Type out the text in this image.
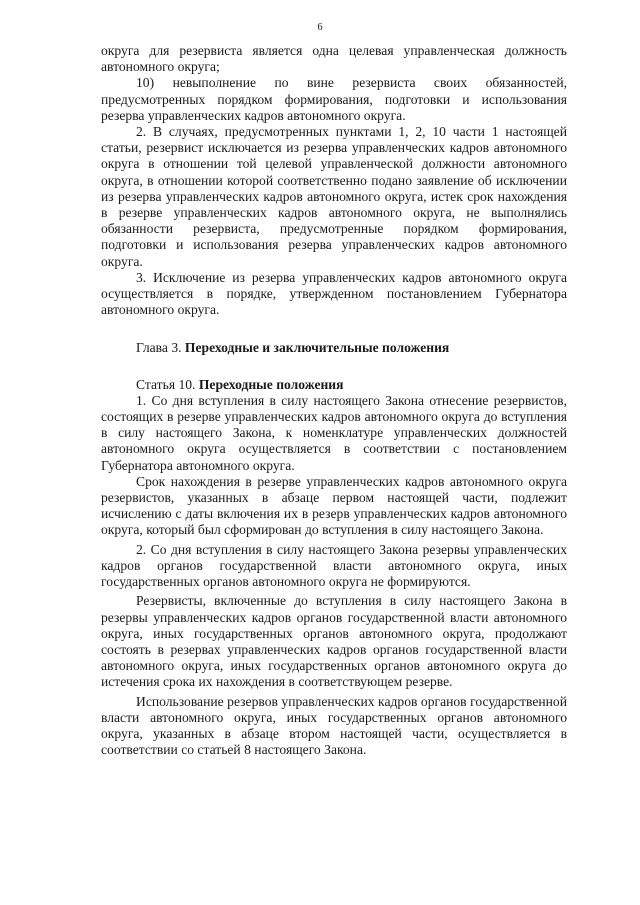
6

округа для резервиста является одна целевая управленческая должность автономного округа;

10) невыполнение по вине резервиста своих обязанностей, предусмотренных порядком формирования, подготовки и использования резерва управленческих кадров автономного округа.

2. В случаях, предусмотренных пунктами 1, 2, 10 части 1 настоящей статьи, резервист исключается из резерва управленческих кадров автономного округа в отношении той целевой управленческой должности автономного округа, в отношении которой соответственно подано заявление об исключении из резерва управленческих кадров автономного округа, истек срок нахождения в резерве управленческих кадров автономного округа, не выполнялись обязанности резервиста, предусмотренные порядком формирования, подготовки и использования резерва управленческих кадров автономного округа.

3. Исключение из резерва управленческих кадров автономного округа осуществляется в порядке, утвержденном постановлением Губернатора автономного округа.

Глава 3. Переходные и заключительные положения

Статья 10. Переходные положения

1. Со дня вступления в силу настоящего Закона отнесение резервистов, состоящих в резерве управленческих кадров автономного округа до вступления в силу настоящего Закона, к номенклатуре управленческих должностей автономного округа осуществляется в соответствии с постановлением Губернатора автономного округа.

Срок нахождения в резерве управленческих кадров автономного округа резервистов, указанных в абзаце первом настоящей части, подлежит исчислению с даты включения их в резерв управленческих кадров автономного округа, который был сформирован до вступления в силу настоящего Закона.

2. Со дня вступления в силу настоящего Закона резервы управленческих кадров органов государственной власти автономного округа, иных государственных органов автономного округа не формируются.

Резервисты, включенные до вступления в силу настоящего Закона в резервы управленческих кадров органов государственной власти автономного округа, иных государственных органов автономного округа, продолжают состоять в резервах управленческих кадров органов государственной власти автономного округа, иных государственных органов автономного округа до истечения срока их нахождения в соответствующем резерве.

Использование резервов управленческих кадров органов государственной власти автономного округа, иных государственных органов автономного округа, указанных в абзаце втором настоящей части, осуществляется в соответствии со статьей 8 настоящего Закона.
